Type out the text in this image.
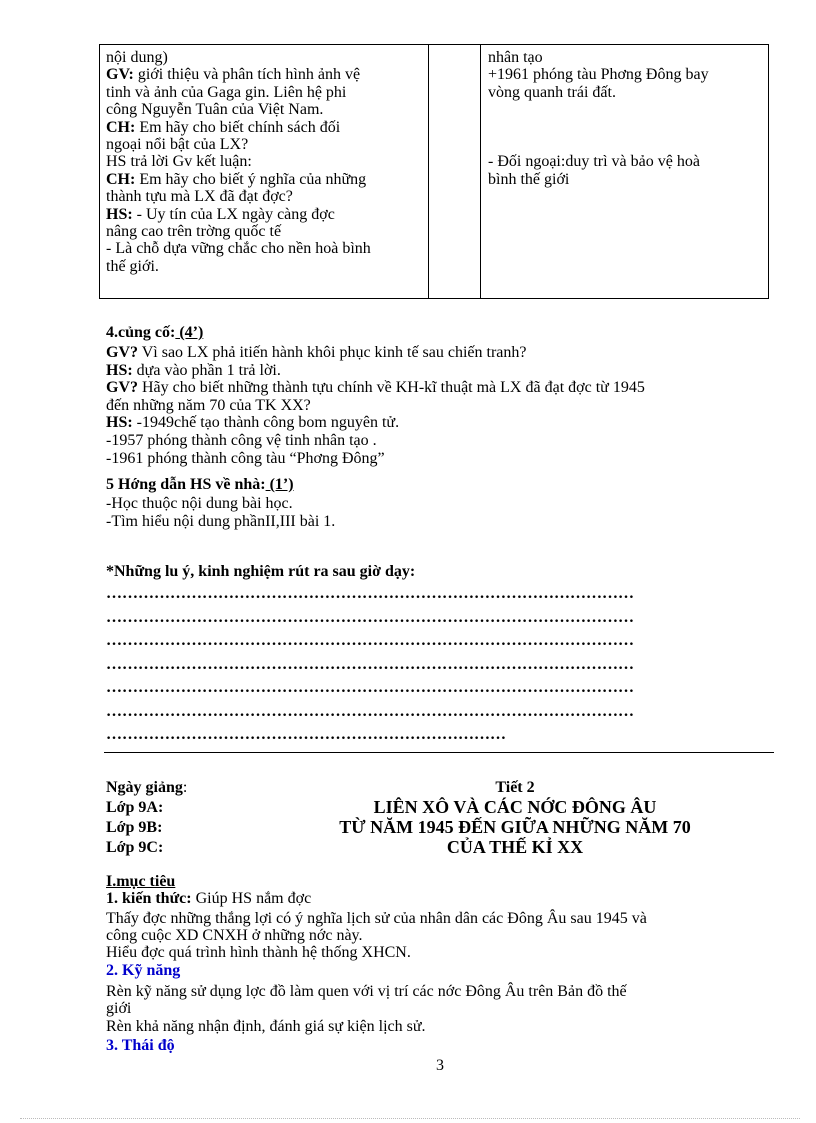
nội dung)
GV: giới thiệu và phân tích hình ảnh vệ
tinh và ảnh của Gaga gin. Liên hệ phi
công Nguyễn Tuân của Việt Nam.
CH: Em hãy cho biết chính sách đối
ngoại nổi bật của LX?
HS trả lời Gv kết luận:
CH: Em hãy cho biết ý nghĩa của những
thành tựu mà LX đã đạt đợc?
HS: - Uy tín của LX ngày càng đợc
nâng cao trên trờng quốc tế
- Là chỗ dựa vững chắc cho nền hoà bình
thế giới.

nhân tạo
+1961 phóng tàu Phơng Đông bay
vòng quanh trái đất.
- Đối ngoại:duy trì và bảo vệ hoà
bình thế giới
4.củng cố: (4’)
GV? Vì sao LX phả itiến hành khôi phục kinh tế sau chiến tranh?
HS: dựa vào phần 1 trả lời.
GV? Hãy cho biết những thành tựu chính về KH-kĩ thuật mà LX đã đạt đợc từ 1945
đến những năm 70 của TK XX?
HS: -1949chế tạo thành công bom nguyên tử.
-1957 phóng thành công vệ tinh nhân tạo .
-1961 phóng thành công tàu “Phơng Đông”
5 Hớng dẫn HS về nhà: (1’)
-Học thuộc nội dung bài học.
-Tìm hiểu nội dung phầnII,III bài 1.
*Những lu ý, kinh nghiệm rút ra sau giờ dạy:
………………………………………………………………………………………
………………………………………………………………………………………
………………………………………………………………………………………
………………………………………………………………………………………
………………………………………………………………………………………
………………………………………………………………………………………
…………………………………………………………………
Ngày giảng:
Lớp 9A:
Lớp 9B:
Lớp 9C:
Tiết 2
LIÊN XÔ VÀ CÁC NỚC ĐÔNG ÂU
TỪ NĂM 1945 ĐẾN GIỮA NHỮNG NĂM 70
CỦA THẾ KỈ XX
I.mục tiêu
1. kiến thức: Giúp HS nắm đợc
Thấy đợc những thắng lợi có ý nghĩa lịch sử của nhân dân các Đông Âu sau 1945 và
công cuộc XD CNXH ở những nớc này.
Hiểu đợc quá trình hình thành hệ thống XHCN.
2. Kỹ năng
Rèn kỹ năng sử dụng lợc đồ làm quen với vị trí các nớc Đông Âu trên Bản đồ thế
giới
Rèn khả năng nhận định, đánh giá sự kiện lịch sử.
3. Thái độ
3
